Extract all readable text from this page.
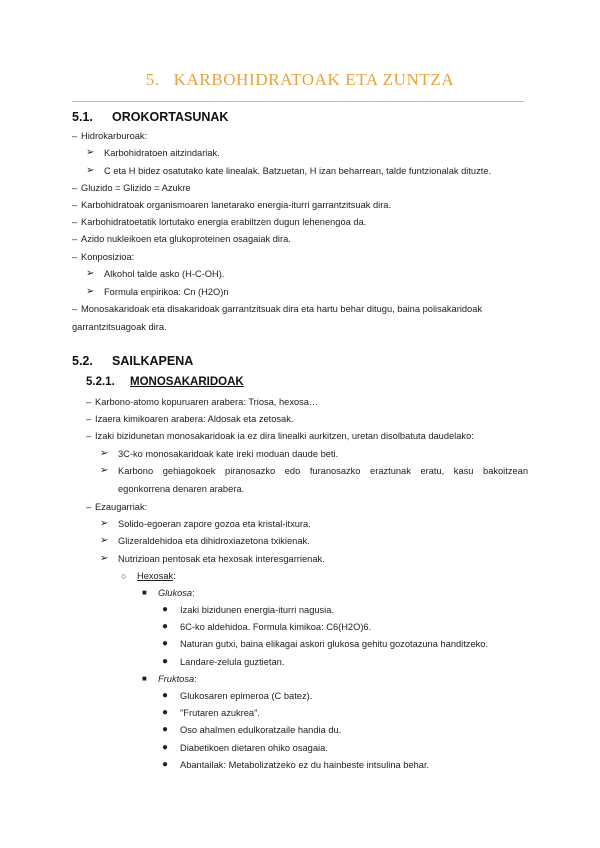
5. KARBOHIDRATOAK ETA ZUNTZA
5.1. OROKORTASUNAK
– Hidrokarburoak:
➢ Karbohidratoen aitzindariak.
➢ C eta H bidez osatutako kate linealak. Batzuetan, H izan beharrean, talde funtzionalak dituzte.
– Gluzido = Glizido = Azukre
– Karbohidratoak organismoaren lanetarako energia-iturri garrantzitsuak dira.
– Karbohidratoetatik lortutako energia erabiltzen dugun lehenengoa da.
– Azido nukleikoen eta glukoproteinen osagaiak dira.
– Konposizioa:
➢ Alkohol talde asko (H-C-OH).
➢ Formula enpirikoa: Cn (H2O)n
– Monosakaridoak eta disakaridoak garrantzitsuak dira eta hartu behar ditugu, baina polisakaridoak
garrantzitsuagoak dira.
5.2. SAILKAPENA
5.2.1. MONOSAKARIDOAK
– Karbono-atomo kopuruaren arabera: Triosa, hexosa…
– Izaera kimikoaren arabera: Aldosak eta zetosak.
– Izaki bizidunetan monosakaridoak ia ez dira linealki aurkitzen, uretan disolbatuta daudelako:
➢ 3C-ko monosakaridoak kate ireki moduan daude beti.
➢ Karbono gehiagokoek piranosazko edo furanosazko eraztunak eratu, kasu bakoitzean
egonkorrena denaren arabera.
– Ezaugarriak:
➢ Solido-egoeran zapore gozoa eta kristal-itxura.
➢ Glizeraldehidoa eta dihidroxiazetona txikienak.
➢ Nutrizioan pentosak eta hexosak interesgarrienak.
○ Hexosak:
■ Glukosa:
● Izaki bizidunen energia-iturri nagusia.
● 6C-ko aldehidoa. Formula kimikoa: C6(H2O)6.
● Naturan gutxi, baina elikagai askori glukosa gehitu gozotazuna handitzeko.
● Landare-zelula guztietan.
■ Fruktosa:
● Glukosaren epimeroa (C batez).
● "Frutaren azukrea".
● Oso ahalmen edulkoratzaile handia du.
● Diabetikoen dietaren ohiko osagaia.
● Abantailak: Metabolizatzeko ez du hainbeste intsulina behar.
